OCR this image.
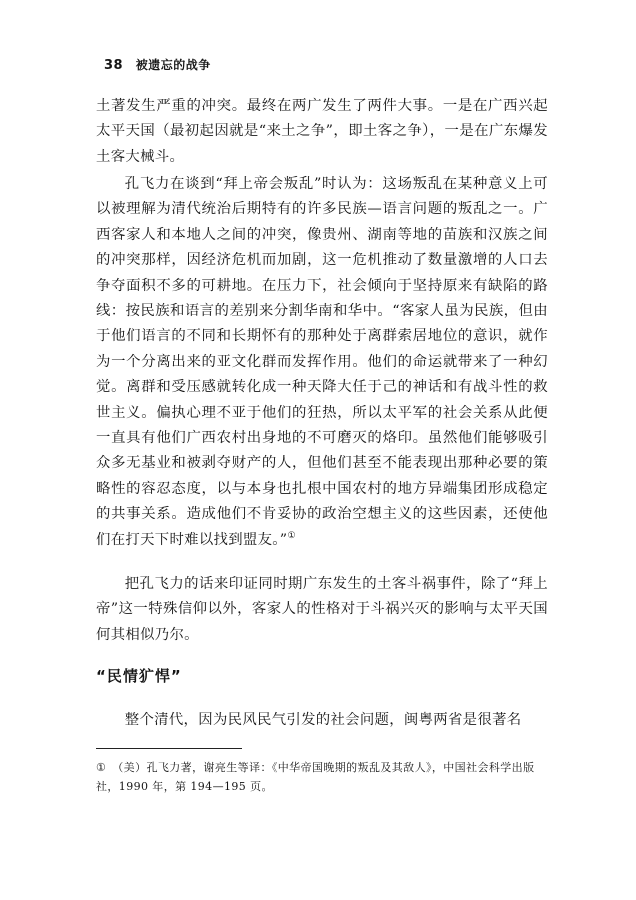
38 被遗忘的战争

土著发生严重的冲突。最终在两广发生了两件大事。一是在广西兴起太平天国（最初起因就是“来土之争”，即土客之争），一是在广东爆发土客大械斗。

孔飞力在谈到“拜上帝会叛乱”时认为：这场叛乱在某种意义上可以被理解为清代统治后期特有的许多民族—语言问题的叛乱之一。广西客家人和本地人之间的冲突，像贵州、湖南等地的苗族和汉族之间的冲突那样，因经济危机而加剧，这一危机推动了数量激增的人口去争夺面积不多的可耕地。在压力下，社会倾向于坚持原来有缺陷的路线：按民族和语言的差别来分割华南和华中。“客家人虽为民族，但由于他们语言的不同和长期怀有的那种处于离群索居地位的意识，就作为一个分离出来的亚文化群而发挥作用。他们的命运就带来了一种幻觉。离群和受压感就转化成一种天降大任于己的神话和有战斗性的救世主义。偏执心理不亚于他们的狂热，所以太平军的社会关系从此便一直具有他们广西农村出身地的不可磨灭的烙印。虽然他们能够吸引众多无基业和被剥夺财产的人，但他们甚至不能表现出那种必要的策略性的容忍态度，以与本身也扎根中国农村的地方异端集团形成稳定的共事关系。造成他们不肯妥协的政治空想主义的这些因素，还使他们在打天下时难以找到盟友。”①

把孔飞力的话来印证同时期广东发生的土客斗祸事件，除了“拜上帝”这一特殊信仰以外，客家人的性格对于斗祸兴灭的影响与太平天国何其相似乃尔。

“民情犷悍”

整个清代，因为民风民气引发的社会问题，闽粤两省是很著名

① （美）孔飞力著，谢亮生等译：《中华帝国晚期的叛乱及其敌人》，中国社会科学出版社，1990 年，第 194—195 页。
